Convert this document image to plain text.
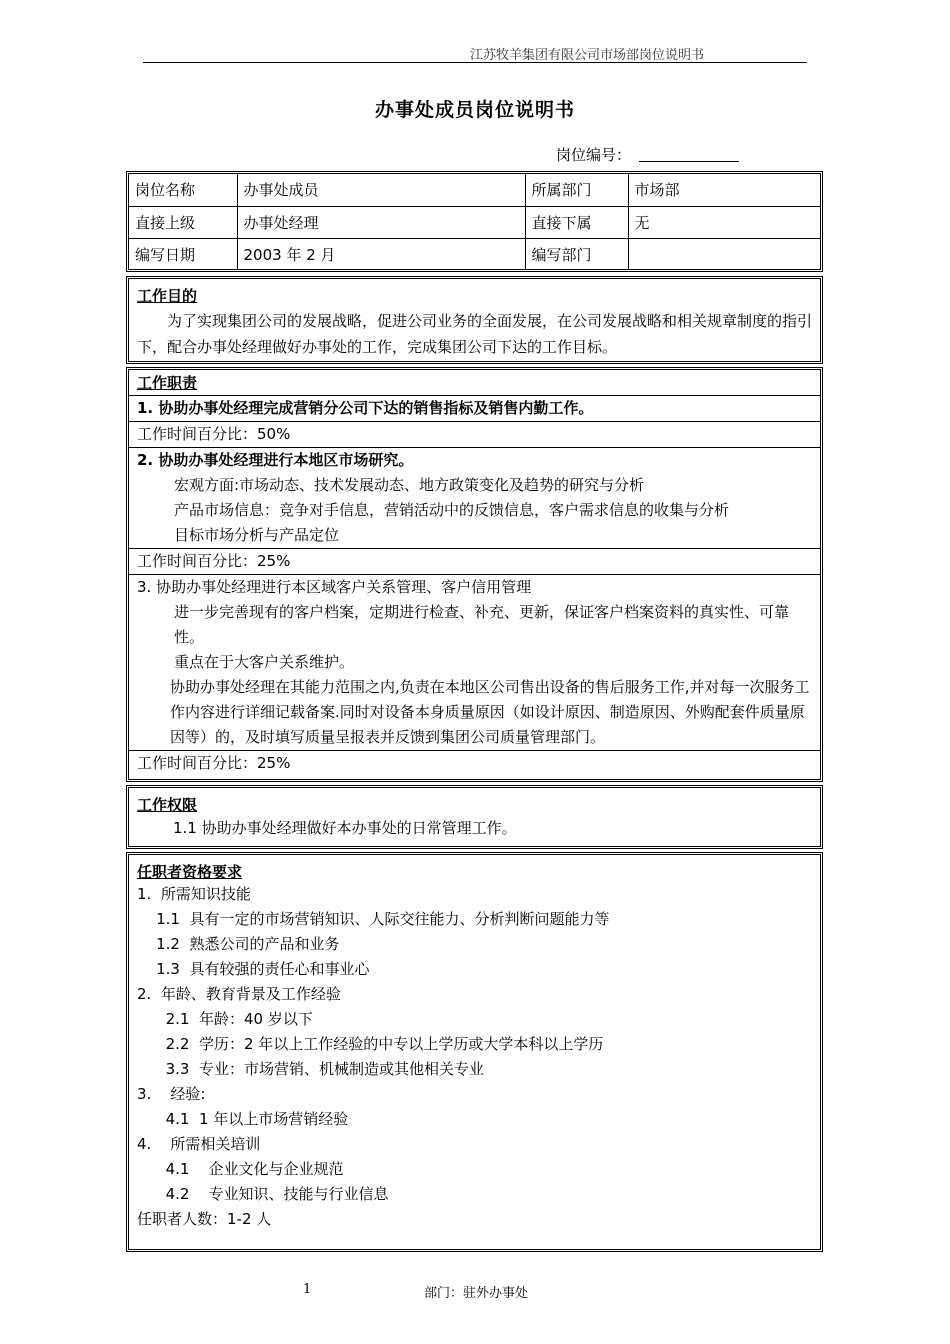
江苏牧羊集团有限公司市场部岗位说明书
办事处成员岗位说明书
岗位编号：
岗位名称	办事处成员	所属部门	市场部
直接上级	办事处经理	直接下属	无
编写日期	2003 年 2 月	编写部门	
工作目的
为了实现集团公司的发展战略，促进公司业务的全面发展，在公司发展战略和相关规章制度的指引下，配合办事处经理做好办事处的工作，完成集团公司下达的工作目标。
工作职责
1. 协助办事处经理完成营销分公司下达的销售指标及销售内勤工作。
工作时间百分比：50%
2. 协助办事处经理进行本地区市场研究。
宏观方面:市场动态、技术发展动态、地方政策变化及趋势的研究与分析
产品市场信息：竞争对手信息，营销活动中的反馈信息，客户需求信息的收集与分析
目标市场分析与产品定位
工作时间百分比：25%
3. 协助办事处经理进行本区域客户关系管理、客户信用管理
进一步完善现有的客户档案，定期进行检查、补充、更新，保证客户档案资料的真实性、可靠性。
重点在于大客户关系维护。
协助办事处经理在其能力范围之内,负责在本地区公司售出设备的售后服务工作,并对每一次服务工作内容进行详细记载备案.同时对设备本身质量原因（如设计原因、制造原因、外购配套件质量原因等）的，及时填写质量呈报表并反馈到集团公司质量管理部门。
工作时间百分比：25%
工作权限
1.1 协助办事处经理做好本办事处的日常管理工作。
任职者资格要求
1.  所需知识技能
1.1  具有一定的市场营销知识、人际交往能力、分析判断问题能力等
1.2  熟悉公司的产品和业务
1.3  具有较强的责任心和事业心
2.  年龄、教育背景及工作经验
2.1  年龄：40 岁以下
2.2  学历：2 年以上工作经验的中专以上学历或大学本科以上学历
3.3  专业：市场营销、机械制造或其他相关专业
3.    经验:
4.1  1 年以上市场营销经验
4.    所需相关培训
4.1    企业文化与企业规范
4.2    专业知识、技能与行业信息
任职者人数：1-2 人
1	部门：驻外办事处
